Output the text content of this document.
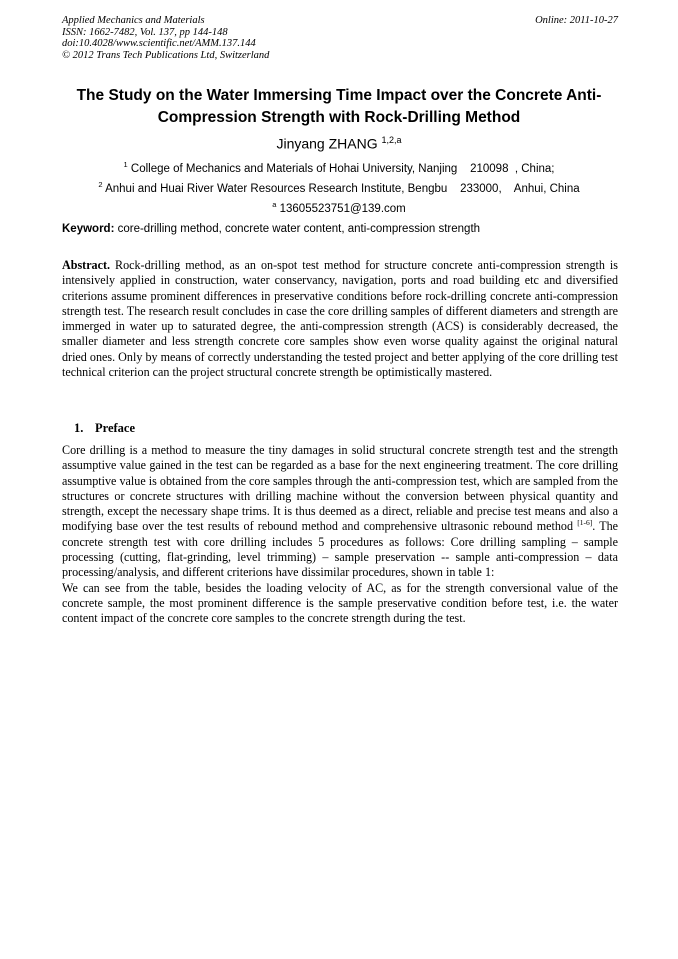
Applied Mechanics and Materials
ISSN: 1662-7482, Vol. 137, pp 144-148
doi:10.4028/www.scientific.net/AMM.137.144
© 2012 Trans Tech Publications Ltd, Switzerland
Online: 2011-10-27
The Study on the Water Immersing Time Impact over the Concrete Anti-Compression Strength with Rock-Drilling Method
Jinyang ZHANG $^{1,2,a}$
$^1$ College of Mechanics and Materials of Hohai University, Nanjing    210098  , China;
$^2$ Anhui and Huai River Water Resources Research Institute, Bengbu    233000,    Anhui, China
$^a$ 13605523751@139.com
Keyword: core-drilling method, concrete water content, anti-compression strength
Abstract. Rock-drilling method, as an on-spot test method for structure concrete anti-compression strength is intensively applied in construction, water conservancy, navigation, ports and road building etc and diversified criterions assume prominent differences in preservative conditions before rock-drilling concrete anti-compression strength test. The research result concludes in case the core drilling samples of different diameters and strength are immerged in water up to saturated degree, the anti-compression strength (ACS) is considerably decreased, the smaller diameter and less strength concrete core samples show even worse quality against the original natural dried ones. Only by means of correctly understanding the tested project and better applying of the core drilling test technical criterion can the project structural concrete strength be optimistically mastered.
1. Preface

Core drilling is a method to measure the tiny damages in solid structural concrete strength test and the strength assumptive value gained in the test can be regarded as a base for the next engineering treatment. The core drilling assumptive value is obtained from the core samples through the anti-compression test, which are sampled from the structures or concrete structures with drilling machine without the conversion between physical quantity and strength, except the necessary shape trims. It is thus deemed as a direct, reliable and precise test means and also a modifying base over the test results of rebound method and comprehensive ultrasonic rebound method [1-6]. The concrete strength test with core drilling includes 5 procedures as follows: Core drilling sampling – sample processing (cutting, flat-grinding, level trimming) – sample preservation -- sample anti-compression – data processing/analysis, and different criterions have dissimilar procedures, shown in table 1:

We can see from the table, besides the loading velocity of AC, as for the strength conversional value of the concrete sample, the most prominent difference is the sample preservative condition before test, i.e. the water content impact of the concrete core samples to the concrete strength during the test.
